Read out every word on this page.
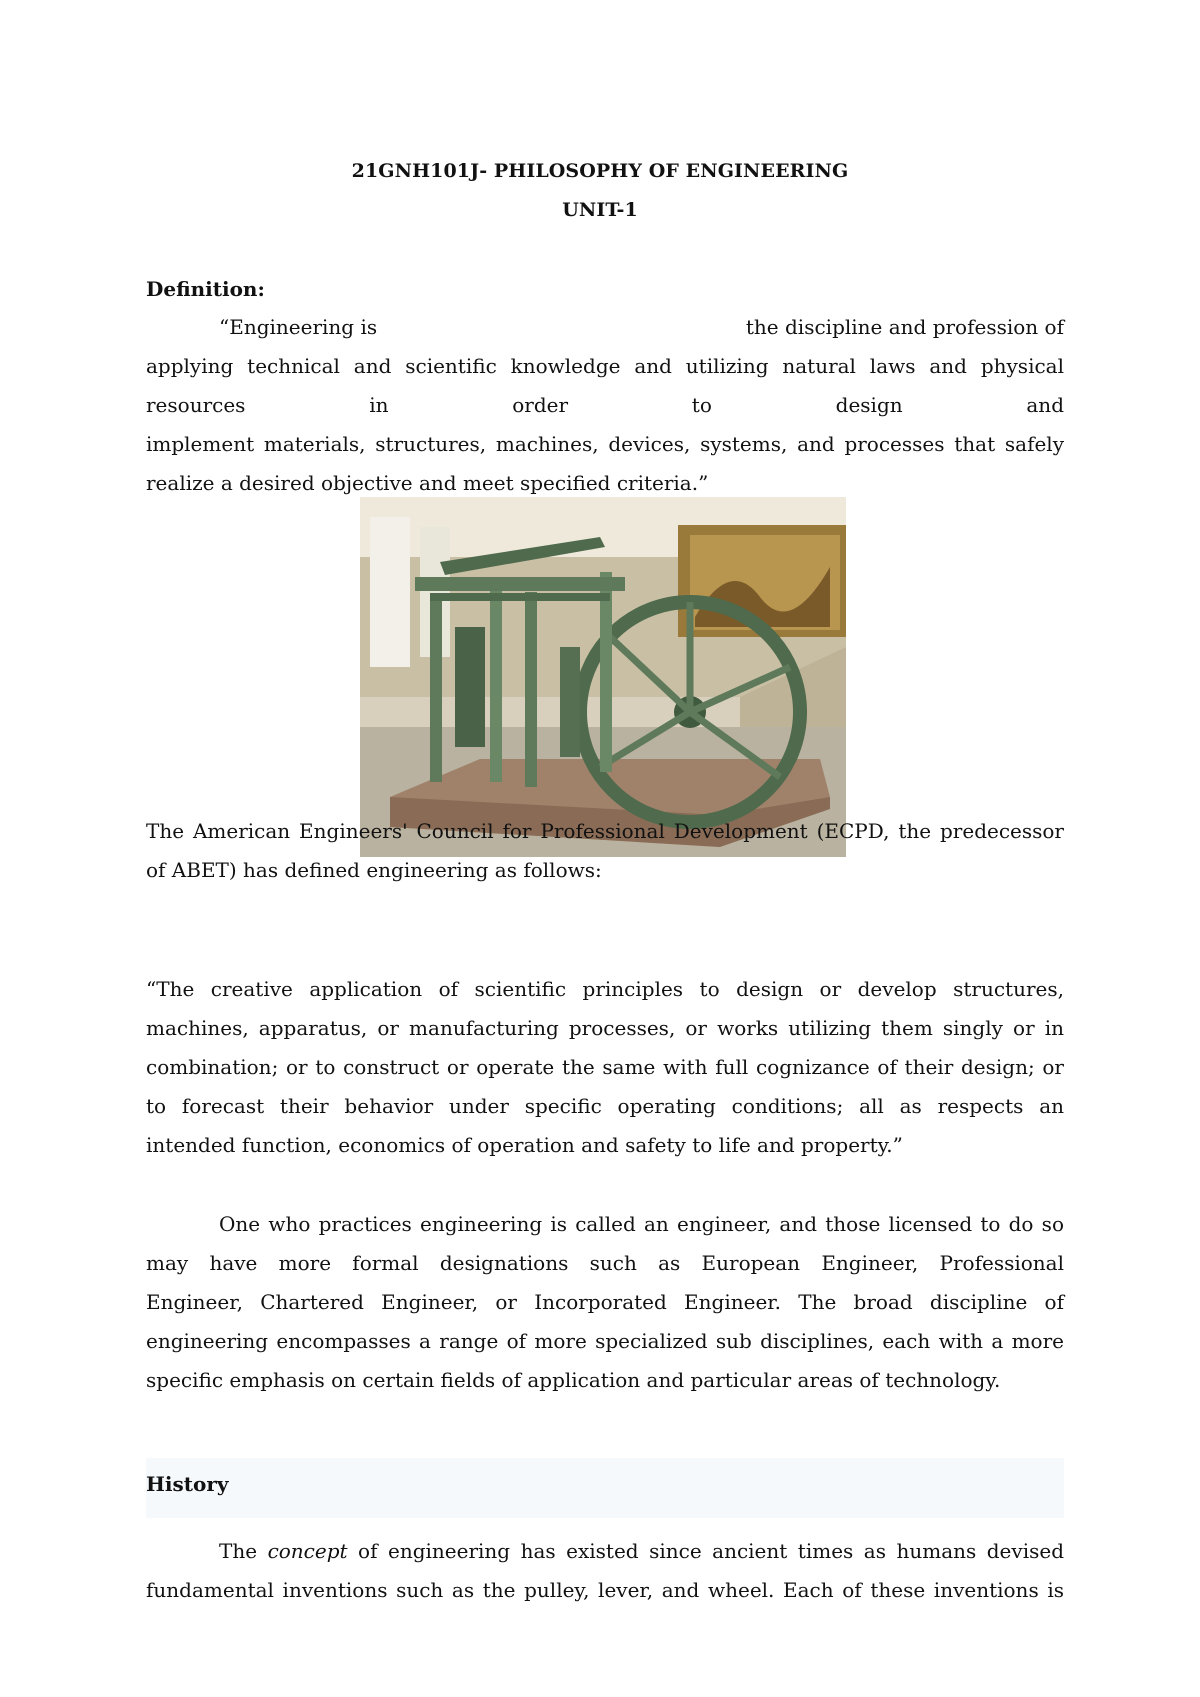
21GNH101J- PHILOSOPHY OF ENGINEERING
UNIT-1
Definition:
“Engineering is	the discipline and profession of
applying technical and scientific knowledge and utilizing natural laws and physical
resources in order to design and
implement materials, structures, machines, devices, systems, and processes that safely
realize a desired objective and meet specified criteria.”
The American Engineers' Council for Professional Development (ECPD, the predecessor
of ABET) has defined engineering as follows:
“The creative application of scientific principles to design or develop structures,
machines, apparatus, or manufacturing processes, or works utilizing them singly or in
combination; or to construct or operate the same with full cognizance of their design; or
to forecast their behavior under specific operating conditions; all as respects an
intended function, economics of operation and safety to life and property.”
One who practices engineering is called an engineer, and those licensed to do so
may have more formal designations such as European Engineer, Professional
Engineer, Chartered Engineer, or Incorporated Engineer. The broad discipline of
engineering encompasses a range of more specialized sub disciplines, each with a more
specific emphasis on certain fields of application and particular areas of technology.
History
The concept of engineering has existed since ancient times as humans devised
fundamental inventions such as the pulley, lever, and wheel. Each of these inventions is
